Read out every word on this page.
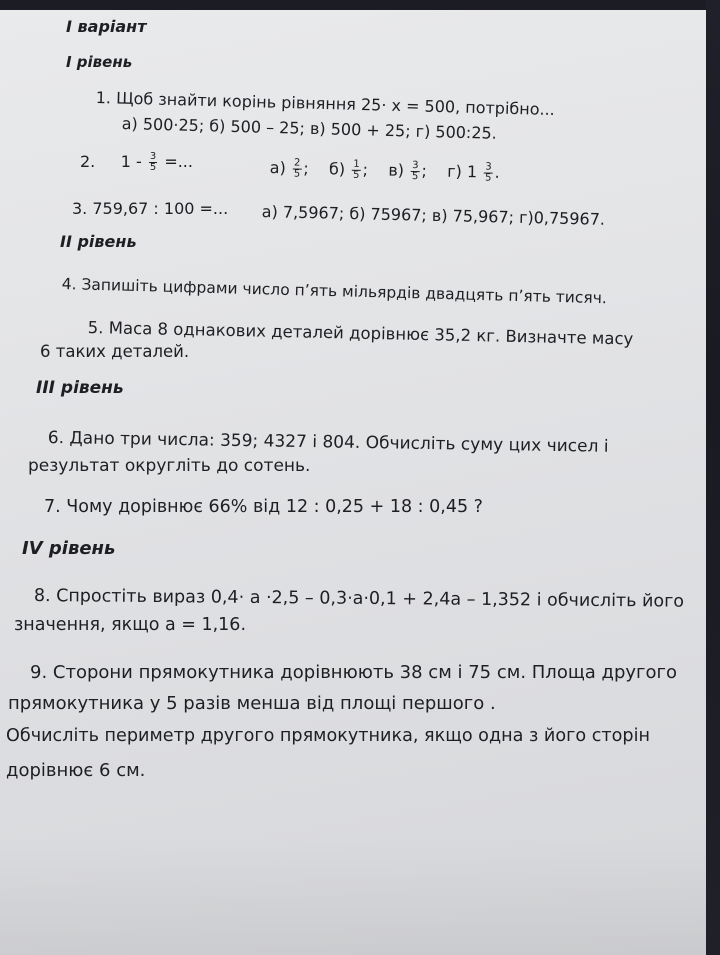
I варіант
I рівень
1. Щоб знайти корінь рівняння 25· x = 500, потрібно...
а) 500·25; б) 500 – 25; в) 500 + 25; г) 500:25.
2. $1 - \frac{3}{5}$ =...	$а) \frac{2}{5}$ ; $б) \frac{1}{5}$ ; $в) \frac{3}{5}$ ; г) $1 \frac{3}{5}$ .
3. 759,67 : 100 =... а) 7,5967; б) 75967; в) 75,967; г)0,75967.
II рівень
4. Запишіть цифрами число п’ять мільярдів двадцять п’ять тисяч.
5. Маса 8 однакових деталей дорівнює 35,2 кг. Визначте масу
6 таких деталей.
III рівень
6. Дано три числа: 359; 4327 і 804. Обчисліть суму цих чисел і
результат округліть до сотень.
7. Чому дорівнює 66% від 12 : 0,25 + 18 : 0,45 ?
IV рівень
8. Спростіть вираз 0,4· a ·2,5 – 0,3·a·0,1 + 2,4a – 1,352 і обчисліть його
значення, якщо a = 1,16.
9. Сторони прямокутника дорівнюють 38 см і 75 см. Площа другого
прямокутника у 5 разів менша від площі першого .
Обчисліть периметр другого прямокутника, якщо одна з його сторін
дорівнює 6 см.
